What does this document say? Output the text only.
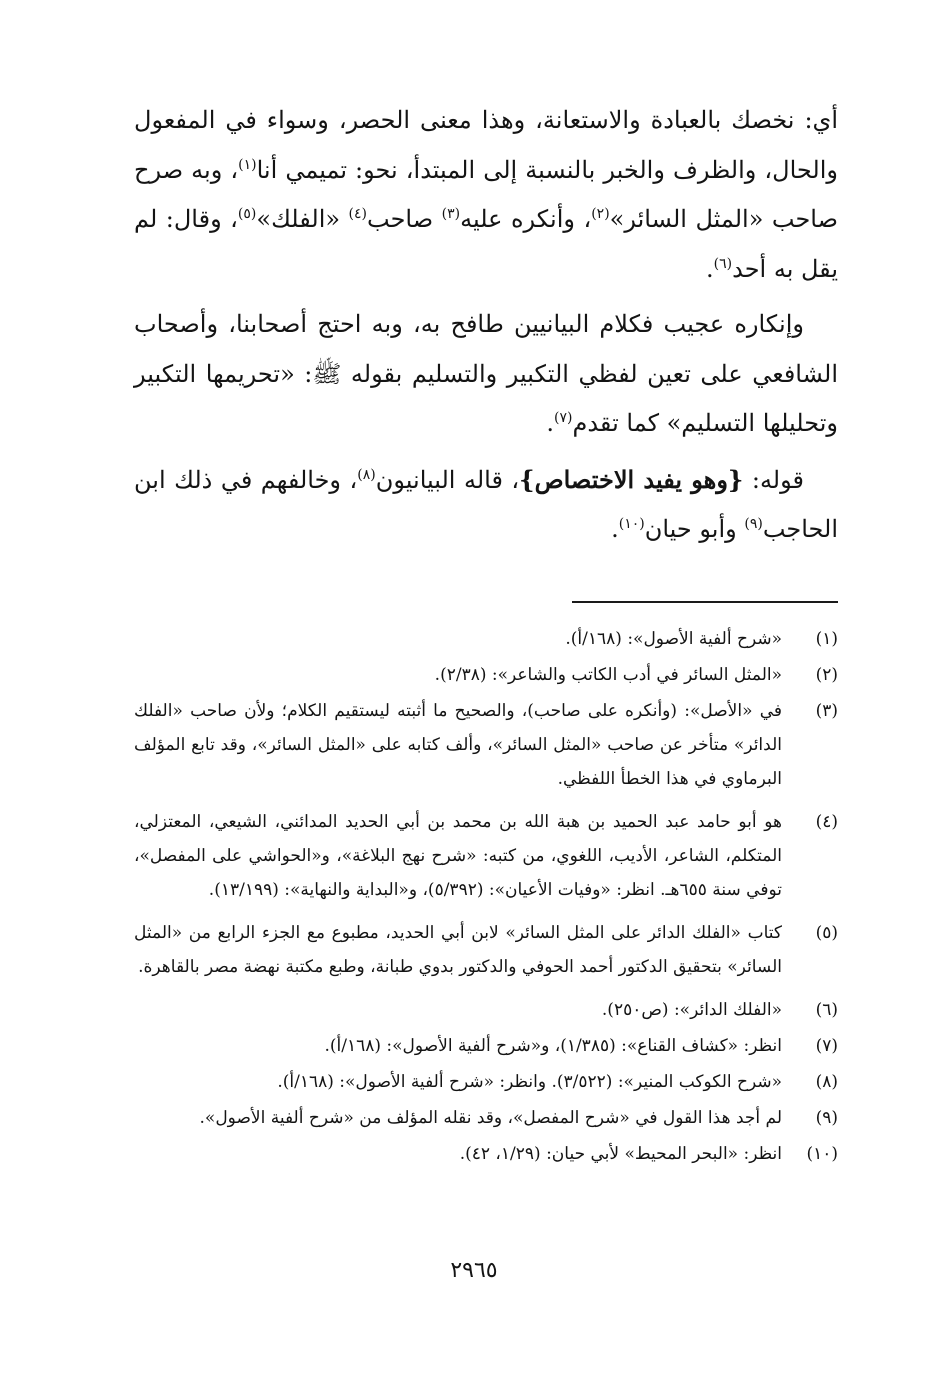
أي: نخصك بالعبادة والاستعانة، وهذا معنى الحصر، وسواء في المفعول والحال، والظرف والخبر بالنسبة إلى المبتدأ، نحو: تميمي أنا$^{(١)}$، وبه صرح صاحب «المثل السائر»$^{(٢)}$، وأنكره عليه$^{(٣)}$ صاحب$^{(٤)}$ «الفلك»$^{(٥)}$، وقال: لم يقل به أحد$^{(٦)}$.

وإنكاره عجيب فكلام البيانيين طافح به، وبه احتج أصحابنا، وأصحاب الشافعي على تعين لفظي التكبير والتسليم بقوله ﷺ: «تحريمها التكبير وتحليلها التسليم» كما تقدم$^{(٧)}$.

قوله: {وهو يفيد الاختصاص}، قاله البيانيون$^{(٨)}$، وخالفهم في ذلك ابن الحاجب$^{(٩)}$ وأبو حيان$^{(١٠)}$.

(١)
«شرح ألفية الأصول»: (١٦٨/أ).
(٢)
«المثل السائر في أدب الكاتب والشاعر»: (٢/٣٨).
(٣)
في «الأصل»: (وأنكره على صاحب)، والصحيح ما أثبته ليستقيم الكلام؛ ولأن صاحب «الفلك الدائر» متأخر عن صاحب «المثل السائر»، وألف كتابه على «المثل السائر»، وقد تابع المؤلف البرماوي في هذا الخطأ اللفظي.
(٤)
هو أبو حامد عبد الحميد بن هبة الله بن محمد بن أبي الحديد المدائني، الشيعي، المعتزلي، المتكلم، الشاعر، الأديب، اللغوي، من كتبه: «شرح نهج البلاغة»، و«الحواشي على المفصل»، توفي سنة ٦٥٥هـ. انظر: «وفيات الأعيان»: (٥/٣٩٢)، و«البداية والنهاية»: (١٣/١٩٩).
(٥)
كتاب «الفلك الدائر على المثل السائر» لابن أبي الحديد، مطبوع مع الجزء الرابع من «المثل السائر» بتحقيق الدكتور أحمد الحوفي والدكتور بدوي طبانة، وطبع مكتبة نهضة مصر بالقاهرة.
(٦)
«الفلك الدائر»: (ص٢٥٠).
(٧)
انظر: «كشاف القناع»: (١/٣٨٥)، و«شرح ألفية الأصول»: (١٦٨/أ).
(٨)
«شرح الكوكب المنير»: (٣/٥٢٢). وانظر: «شرح ألفية الأصول»: (١٦٨/أ).
(٩)
لم أجد هذا القول في «شرح المفصل»، وقد نقله المؤلف من «شرح ألفية الأصول».
(١٠)
انظر: «البحر المحيط» لأبي حيان: (١/٢٩، ٤٢).
٢٩٦٥
